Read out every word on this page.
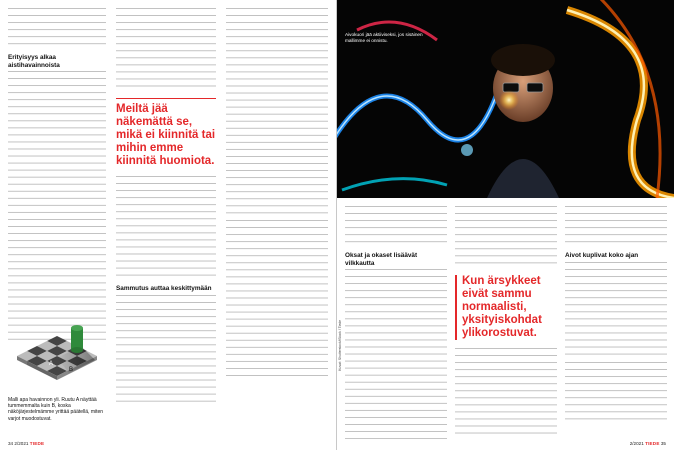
Erityisyys alkaa aistihavainnoista
Meiltä jää näkemättä se, mikä ei kiinnitä tai mihin emme kiinnitä huomiota.
Sammutus auttaa keskittymään
A
B
Malli apa havainnon yli. Ruutu A näyttää tummemmalta kuin B, koska näköjärjestelmämme yrittää päätellä, miten varjot muodostuvat.
34 2/2021 TIEDE
Aivokuori jää aktiiviseksi, jos sisäinen mallimme ei onnistu.
Kuvat: Shutterstock/iStock / Tiede
Oksat ja okaset lisäävät vilkkautta
Kun ärsykkeet eivät sammu normaalisti, yksityiskohdat ylikorostuvat.
Aivot kuplivat koko ajan
2/2021 TIEDE 35
